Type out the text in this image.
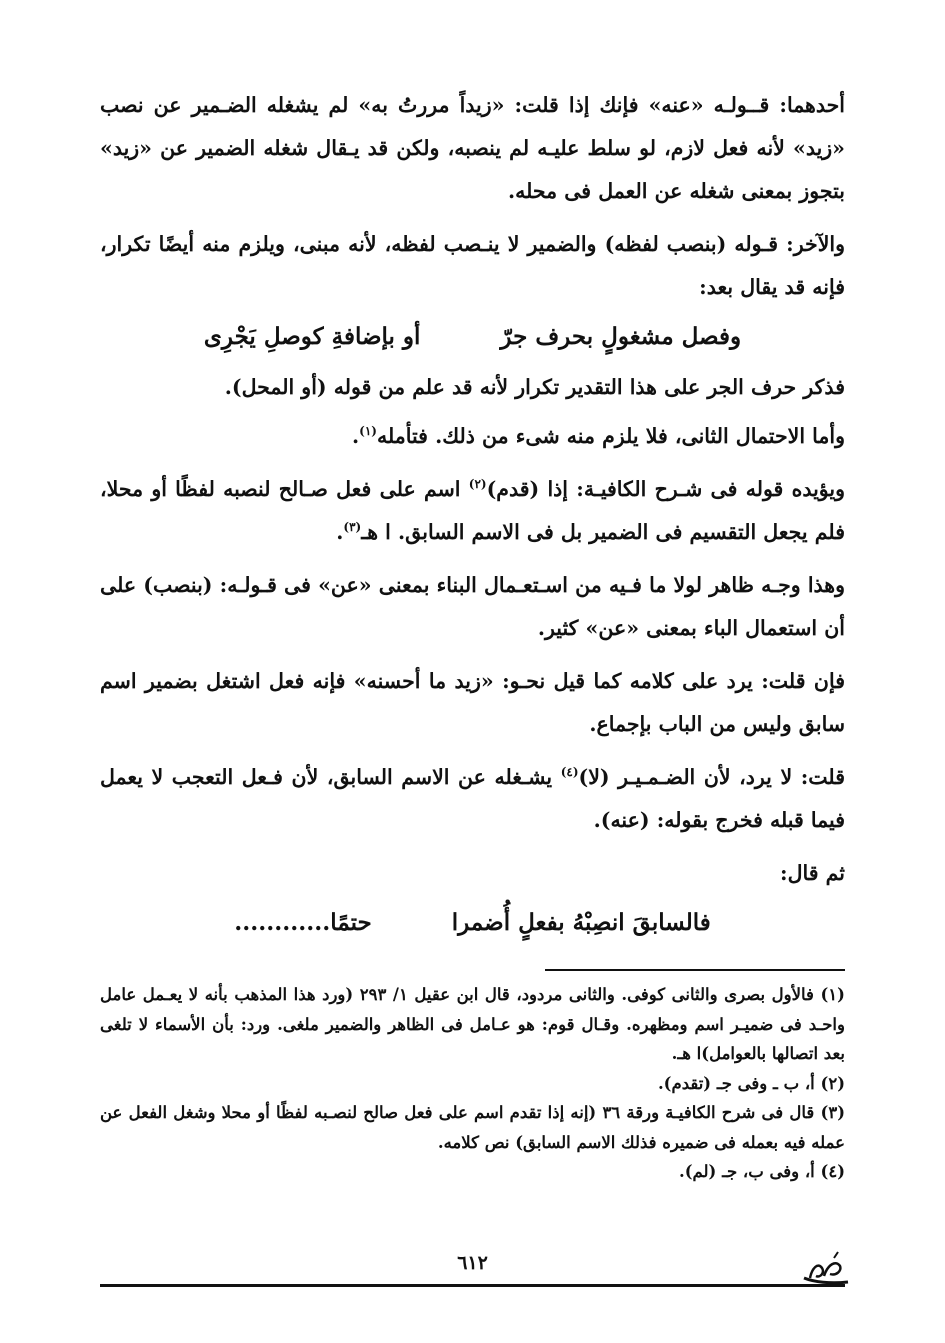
أحدهما: قــولـه «عنه» فإنك إذا قلت: «زيداً مررتُ به» لم يشغله الضـمير عن نصب «زيد» لأنه فعل لازم، لو سلط عليـه لم ينصبه، ولكن قد يـقال شغله الضمير عن «زيد» بتجوز بمعنى شغله عن العمل فى محله.

والآخر: قـوله (بنصب لفظه) والضمير لا ينـصب لفظه، لأنه مبنى، ويلزم منه أيضًا تكرار، فإنه قد يقال بعد:

وفصل مشغولٍ بحرف جرّ
أو بإضافةِ كوصلِ يَجْرِى

فذكر حرف الجر على هذا التقدير تكرار لأنه قد علم من قوله (أو المحل).

وأما الاحتمال الثانى، فلا يلزم منه شىء من ذلك. فتأمله$^{(١)}$.

ويؤيده قوله فى شـرح الكافيـة: إذا (قدم)$^{(٢)}$ اسم على فعل صـالح لنصبه لفظًا أو محلا، فلم يجعل التقسيم فى الضمير بل فى الاسم السابق. ا هـ$^{(٣)}$.

وهذا وجـه ظاهر لولا ما فـيه من اسـتعـمال البناء بمعنى «عن» فى قـولـه: (بنصب) على أن استعمال الباء بمعنى «عن» كثير.

فإن قلت: يرد على كلامه كما قيل نحـو: «زيد ما أحسنه» فإنه فعل اشتغل بضمير اسم سابق وليس من الباب بإجماع.

قلت: لا يرد، لأن الضـمـيـر (لا)$^{(٤)}$ يشـغله عن الاسم السابق، لأن فـعل التعجب لا يعمل فيما قبله فخرج بقوله: (عنه).

ثم قال:

فالسابقَ انصِبْهُ بفعلٍ أُضمرا
حتمًا............

(١) فالأول بصرى والثانى كوفى. والثانى مردود، قال ابن عقيل ١/ ٢٩٣ (ورد هذا المذهب بأنه لا يعـمل عامل واحـد فى ضميـر اسم ومظهره. وقـال قوم: هو عـامل فى الظاهر والضمير ملغى. ورد: بأن الأسماء لا تلغى بعد اتصالها بالعوامل)ا هـ.

(٢) أ، ب ـ وفى جـ (تقدم).

(٣) قال فى شرح الكافيـة ورقة ٣٦ (إنه إذا تقدم اسم على فعل صالح لنصـبه لفظًا أو محلا وشغل الفعل عن عمله فيه بعمله فى ضميره فذلك الاسم السابق) نص كلامه.

(٤) أ، وفى ب، جـ (لم).

٦١٢
